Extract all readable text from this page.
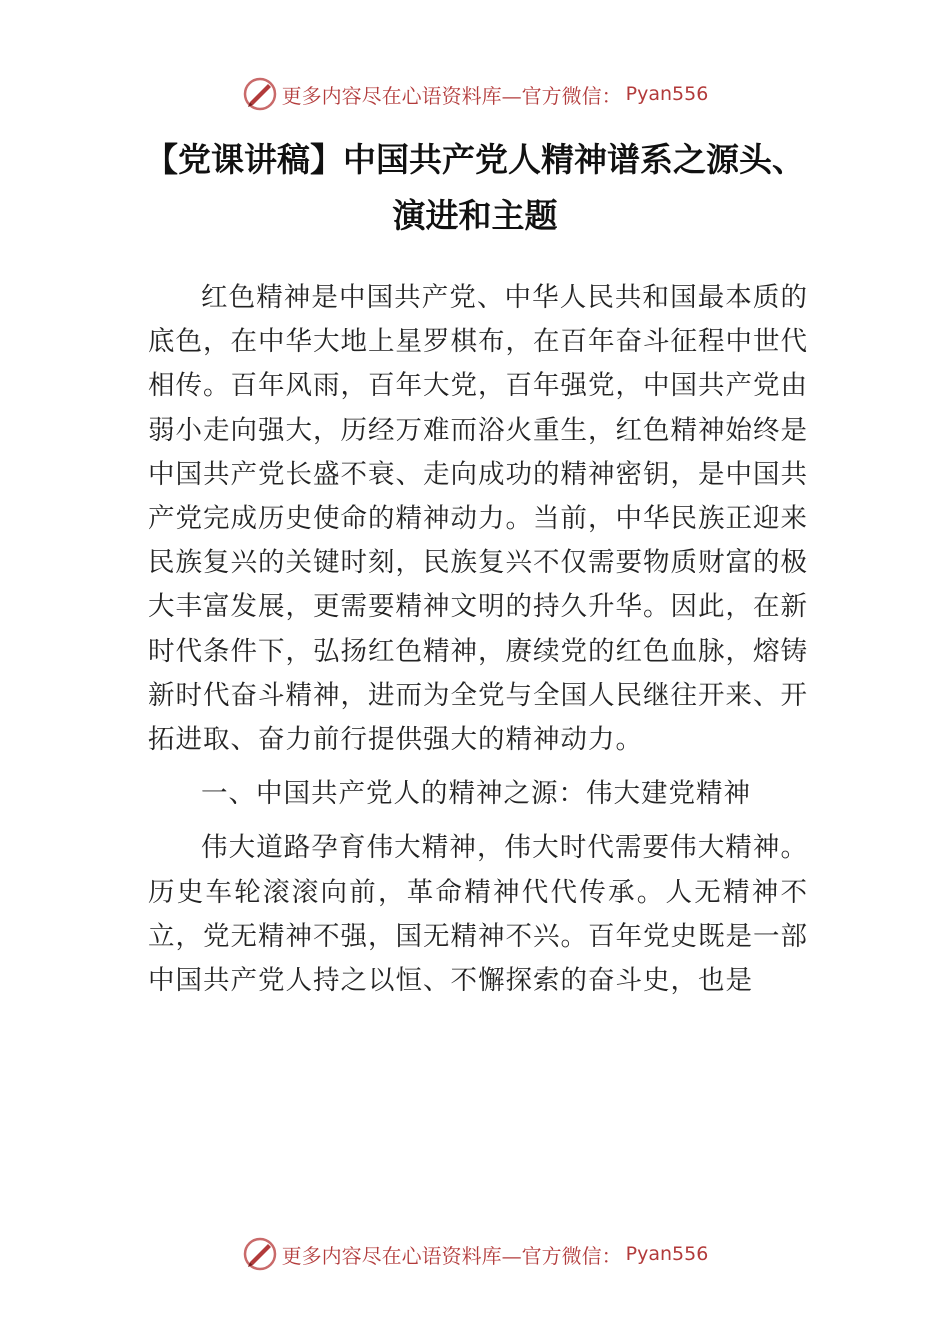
更多内容尽在心语资料库—官方微信： Pyan556
【党课讲稿】中国共产党人精神谱系之源头、
演进和主题

红色精神是中国共产党、中华人民共和国最本质的底色，在中华大地上星罗棋布，在百年奋斗征程中世代相传。百年风雨，百年大党，百年强党，中国共产党由弱小走向强大，历经万难而浴火重生，红色精神始终是中国共产党长盛不衰、走向成功的精神密钥，是中国共产党完成历史使命的精神动力。当前，中华民族正迎来民族复兴的关键时刻，民族复兴不仅需要物质财富的极大丰富发展，更需要精神文明的持久升华。因此，在新时代条件下，弘扬红色精神，赓续党的红色血脉，熔铸新时代奋斗精神，进而为全党与全国人民继往开来、开拓进取、奋力前行提供强大的精神动力。

一、中国共产党人的精神之源：伟大建党精神

伟大道路孕育伟大精神，伟大时代需要伟大精神。历史车轮滚滚向前，革命精神代代传承。人无精神不立，党无精神不强，国无精神不兴。百年党史既是一部中国共产党人持之以恒、不懈探索的奋斗史，也是

更多内容尽在心语资料库—官方微信： Pyan556
